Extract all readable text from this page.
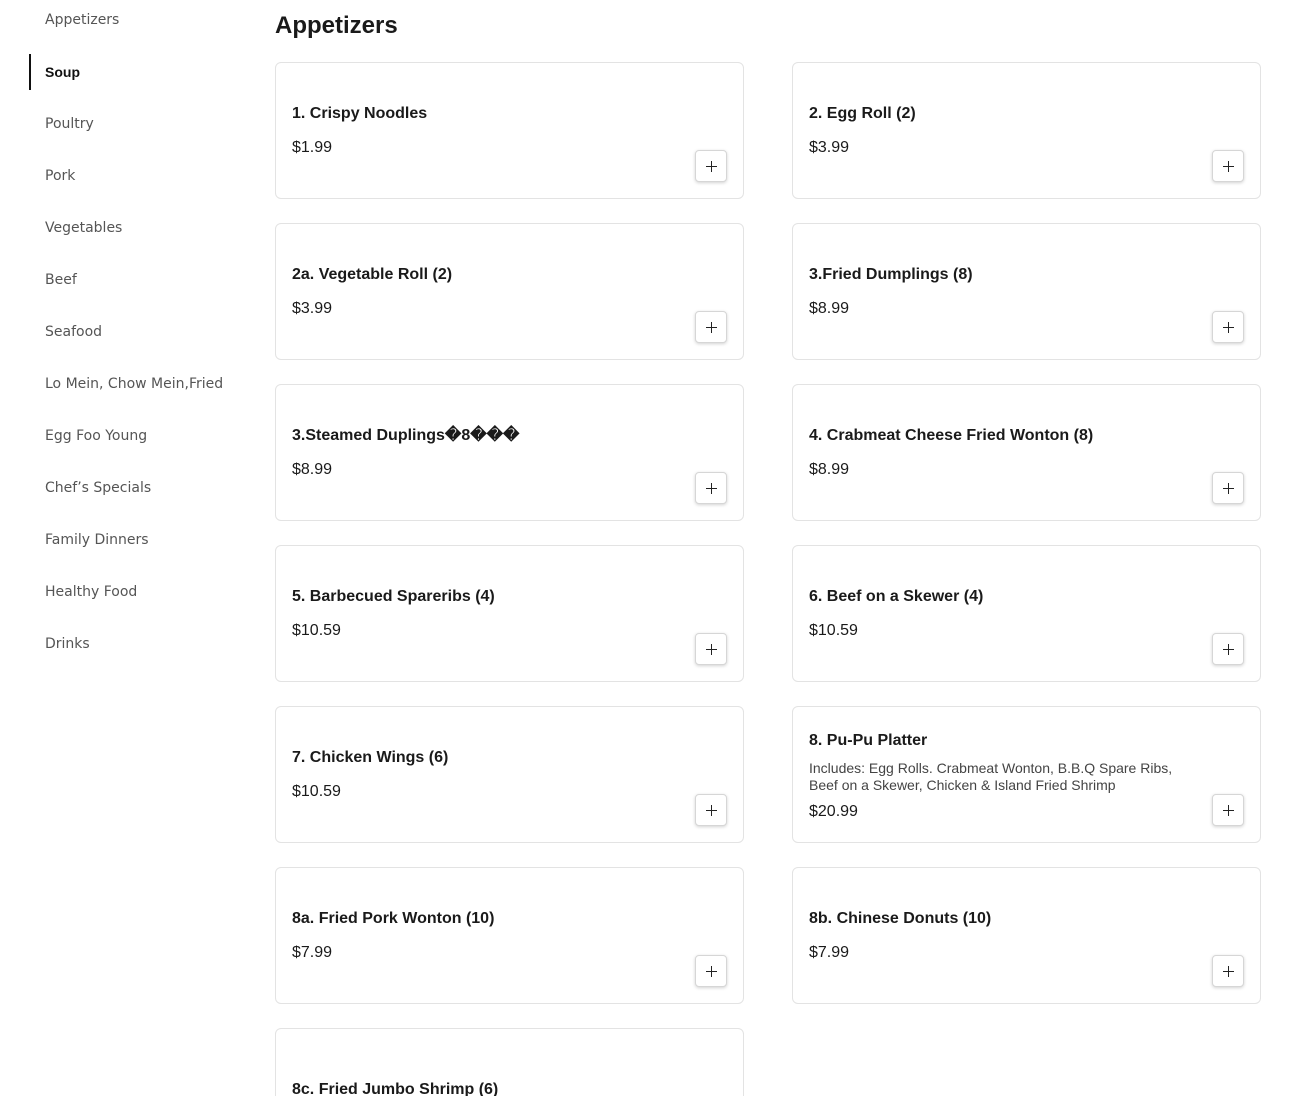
Appetizers
Soup
Poultry
Pork
Vegetables
Beef
Seafood
Lo Mein, Chow Mein,Fried
Egg Foo Young
Chef’s Specials
Family Dinners
Healthy Food
Drinks
Appetizers
1. Crispy Noodles
$1.99
2. Egg Roll (2)
$3.99
2a. Vegetable Roll (2)
$3.99
3.Fried Dumplings (8)
$8.99
3.Steamed Duplings�8���
$8.99
4. Crabmeat Cheese Fried Wonton (8)
$8.99
5. Barbecued Spareribs (4)
$10.59
6. Beef on a Skewer (4)
$10.59
7. Chicken Wings (6)
$10.59
8. Pu-Pu Platter
Includes: Egg Rolls. Crabmeat Wonton, B.B.Q Spare Ribs, Beef on a Skewer, Chicken & Island Fried Shrimp
$20.99
8a. Fried Pork Wonton (10)
$7.99
8b. Chinese Donuts (10)
$7.99
8c. Fried Jumbo Shrimp (6)
